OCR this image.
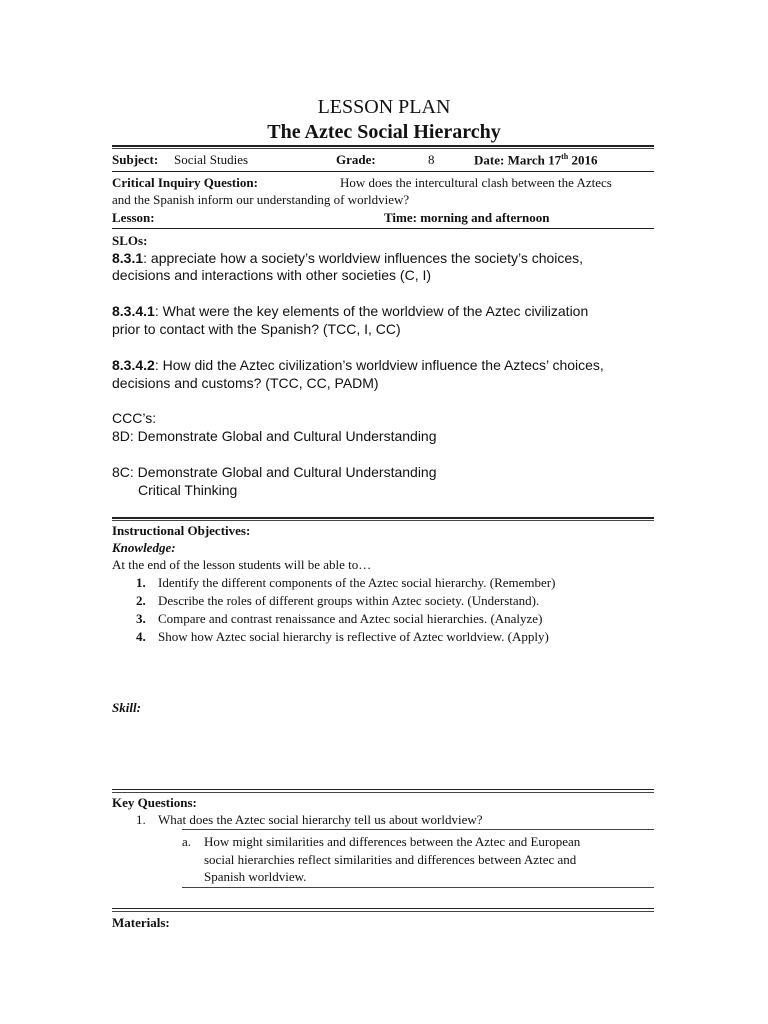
LESSON PLAN
The Aztec Social Hierarchy
Subject: Social Studies	Grade:	8	Date: March 17th 2016
Critical Inquiry Question:	How does the intercultural clash between the Aztecs
and the Spanish inform our understanding of worldview?
Lesson:	Time: morning and afternoon
SLOs:
8.3.1: appreciate how a society’s worldview influences the society’s choices,
decisions and interactions with other societies (C, I)
8.3.4.1: What were the key elements of the worldview of the Aztec civilization
prior to contact with the Spanish? (TCC, I, CC)
8.3.4.2: How did the Aztec civilization’s worldview influence the Aztecs’ choices,
decisions and customs? (TCC, CC, PADM)
CCC’s:
8D: Demonstrate Global and Cultural Understanding
8C: Demonstrate Global and Cultural Understanding
Critical Thinking
Instructional Objectives:
Knowledge:
At the end of the lesson students will be able to…
1. Identify the different components of the Aztec social hierarchy. (Remember)
2. Describe the roles of different groups within Aztec society. (Understand).
3. Compare and contrast renaissance and Aztec social hierarchies. (Analyze)
4. Show how Aztec social hierarchy is reflective of Aztec worldview. (Apply)
Skill:
Key Questions:
1. What does the Aztec social hierarchy tell us about worldview?
a. How might similarities and differences between the Aztec and European
social hierarchies reflect similarities and differences between Aztec and
Spanish worldview.
Materials:
